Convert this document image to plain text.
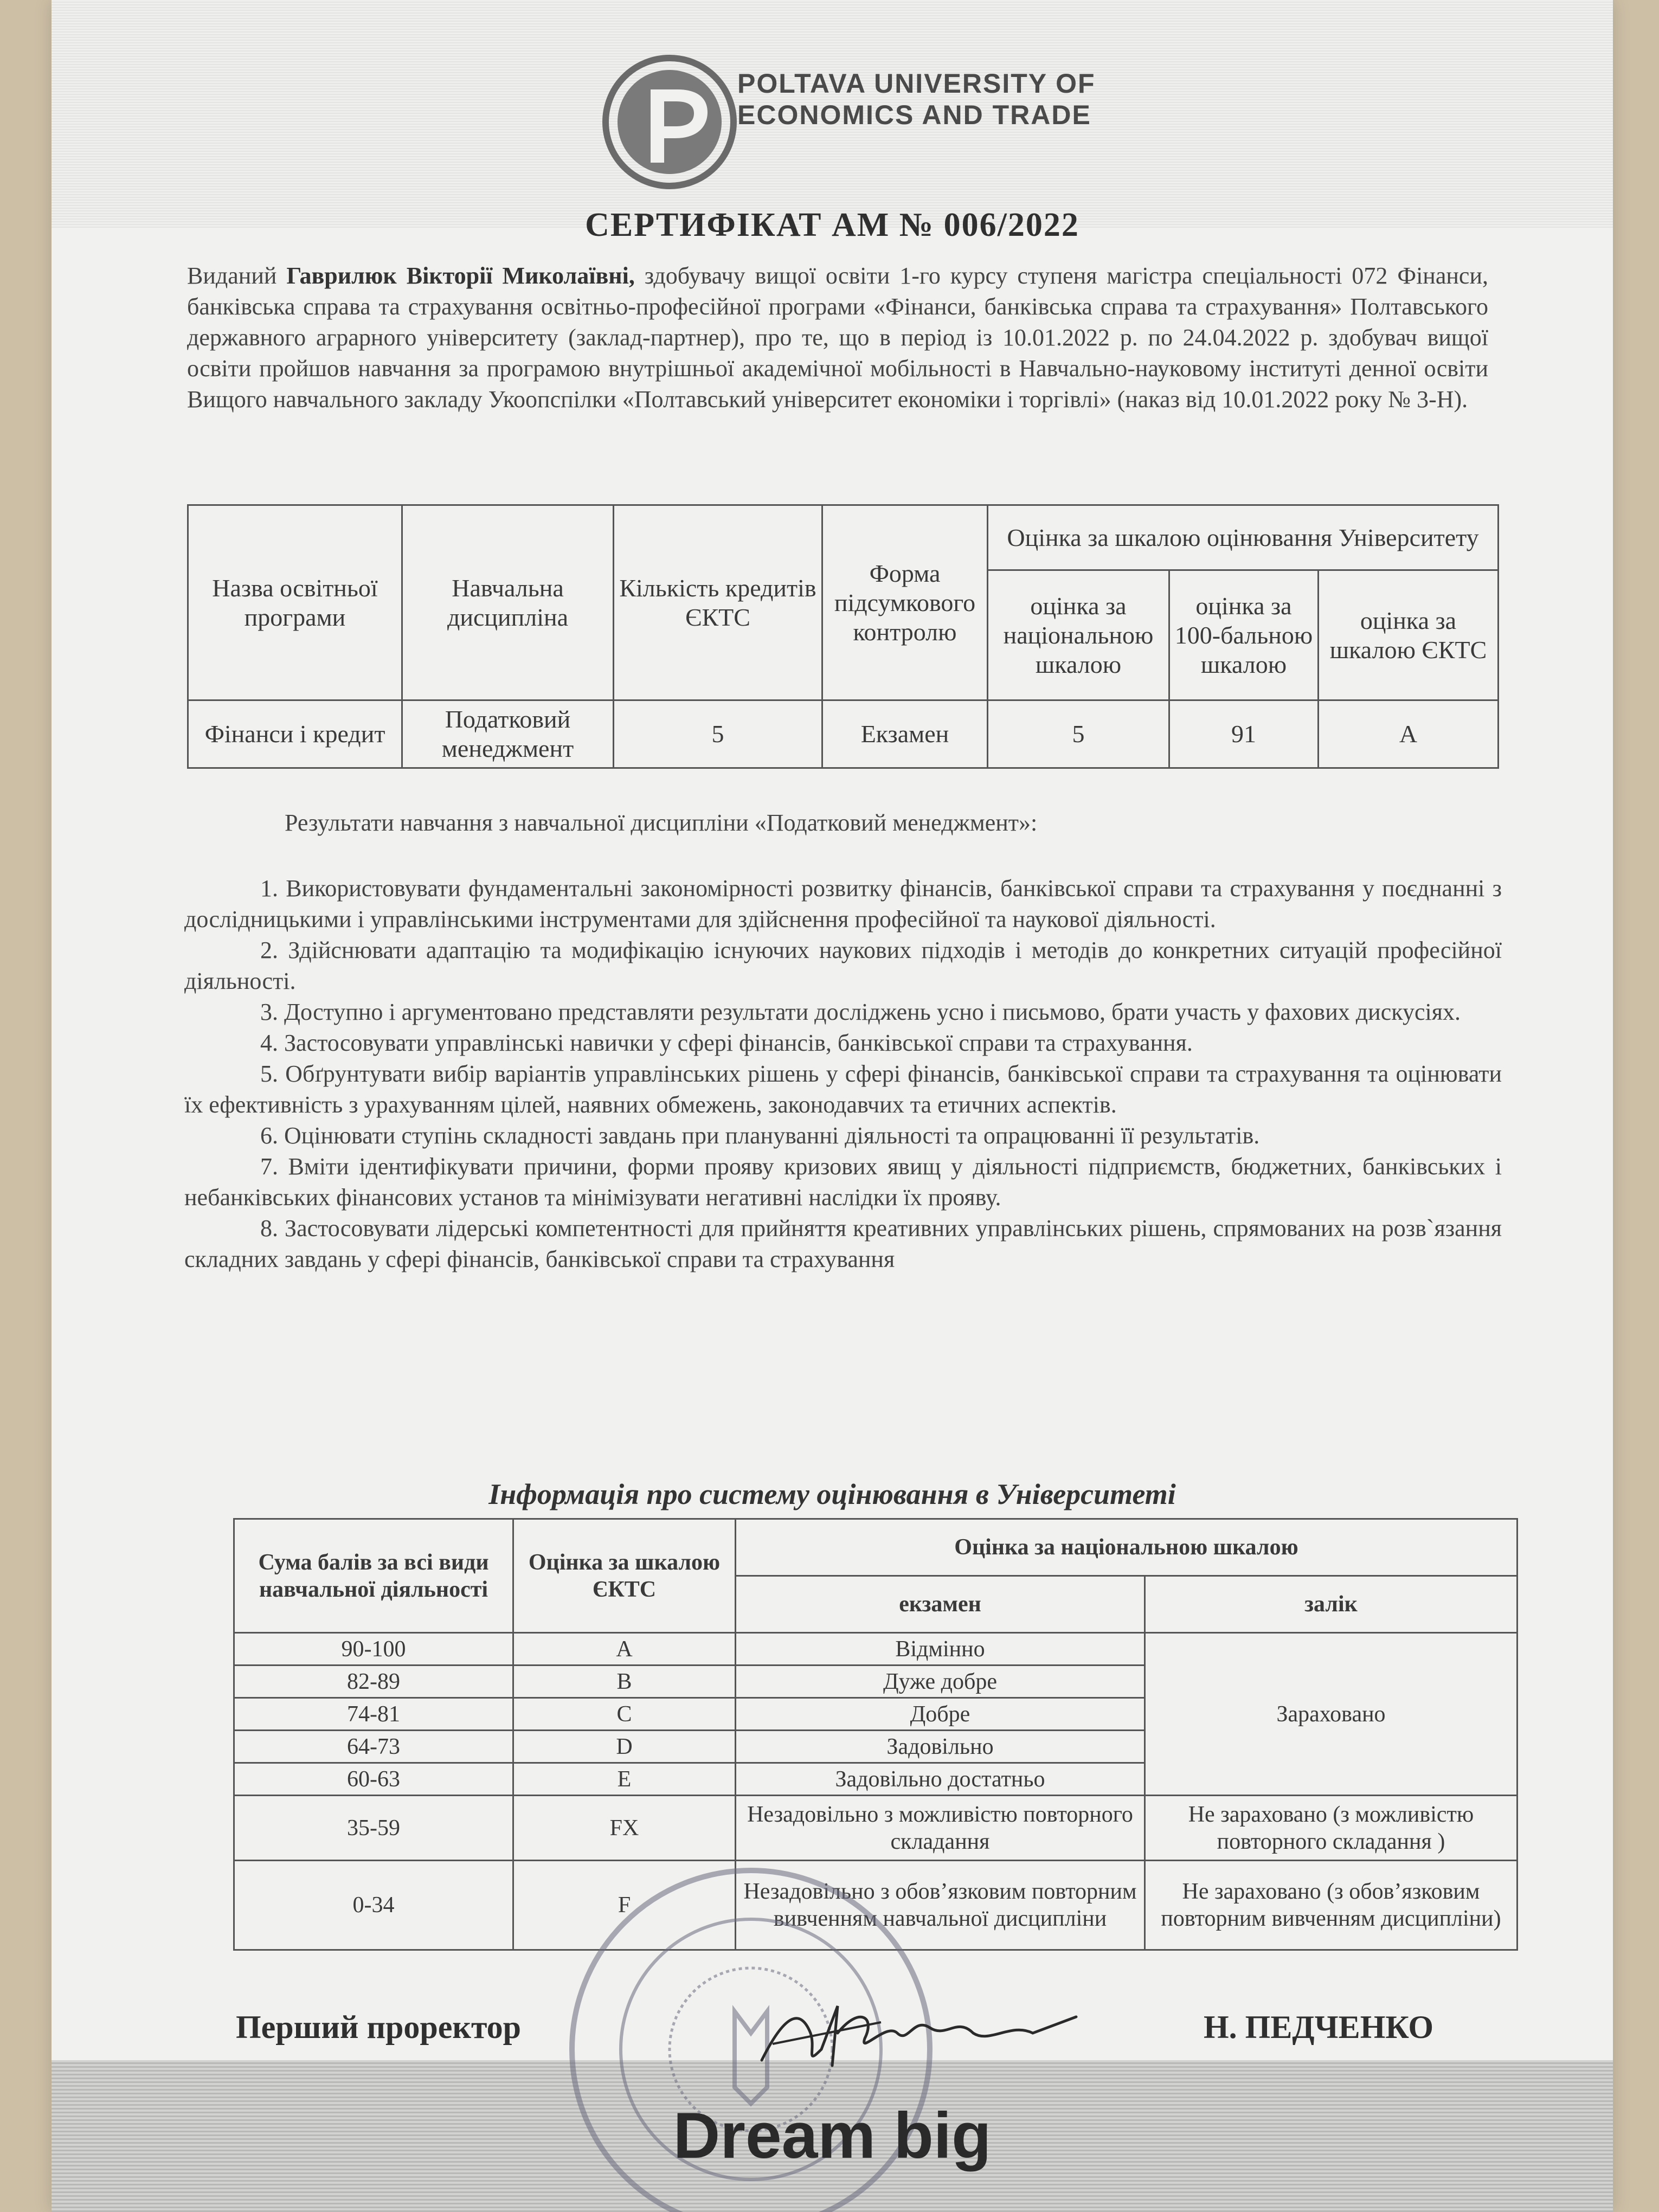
POLTAVA UNIVERSITY OF
ECONOMICS AND TRADE
СЕРТИФІКАТ АМ № 006/2022
Виданий Гаврилюк Вікторії Миколаївні, здобувачу вищої освіти 1-го курсу ступеня магістра спеціальності 072 Фінанси, банківська справа та страхування освітньо-професійної програми «Фінанси, банківська справа та страхування» Полтавського державного аграрного університету (заклад-партнер), про те, що в період із 10.01.2022 р. по 24.04.2022 р. здобувач вищої освіти пройшов навчання за програмою внутрішньої академічної мобільності в Навчально-науковому інституті денної освіти Вищого навчального закладу Укоопспілки «Полтавський університет економіки і торгівлі» (наказ від 10.01.2022 року № 3-Н).
Назва освітньої програми	Навчальна дисципліна	Кількість кредитів ЄКТС	Форма підсумкового контролю	Оцінка за шкалою оцінювання Університету		
				оцінка за національною шкалою	оцінка за 100-бальною шкалою	оцінка за шкалою ЄКТС
Фінанси і кредит	Податковий менеджмент	5	Екзамен	5	91	А
Результати навчання з навчальної дисципліни «Податковий менеджмент»:

1. Використовувати фундаментальні закономірності розвитку фінансів, банківської справи та страхування у поєднанні з дослідницькими і управлінськими інструментами для здійснення професійної та наукової діяльності.

2. Здійснювати адаптацію та модифікацію існуючих наукових підходів і методів до конкретних ситуацій професійної діяльності.

3. Доступно і аргументовано представляти результати досліджень усно і письмово, брати участь у фахових дискусіях.

4. Застосовувати управлінські навички у сфері фінансів, банківської справи та страхування.

5. Обґрунтувати вибір варіантів управлінських рішень у сфері фінансів, банківської справи та страхування та оцінювати їх ефективність з урахуванням цілей, наявних обмежень, законодавчих та етичних аспектів.

6. Оцінювати ступінь складності завдань при плануванні діяльності та опрацюванні її результатів.

7. Вміти ідентифікувати причини, форми прояву кризових явищ у діяльності підприємств, бюджетних, банківських і небанківських фінансових установ та мінімізувати негативні наслідки їх прояву.

8. Застосовувати лідерські компетентності для прийняття креативних управлінських рішень, спрямованих на розв`язання складних завдань у сфері фінансів, банківської справи та страхування

Інформація про систему оцінювання в Університеті
Сума балів за всі види навчальної діяльності	Оцінка за шкалою ЄКТС	Оцінка за національною шкалою	
		екзамен	залік
90-100	A	Відмінно	Зараховано
82-89	B	Дуже добре	
74-81	C	Добре	
64-73	D	Задовільно	
60-63	E	Задовільно достатньо	
35-59	FX	Незадовільно з можливістю повторного складання	Не зараховано (з можливістю повторного складання )
0-34	F	Незадовільно з обов’язковим повторним вивченням навчальної дисципліни	Не зараховано (з обов’язковим повторним вивченням дисципліни)
Перший проректор	Н. ПЕДЧЕНКО
Dream big
